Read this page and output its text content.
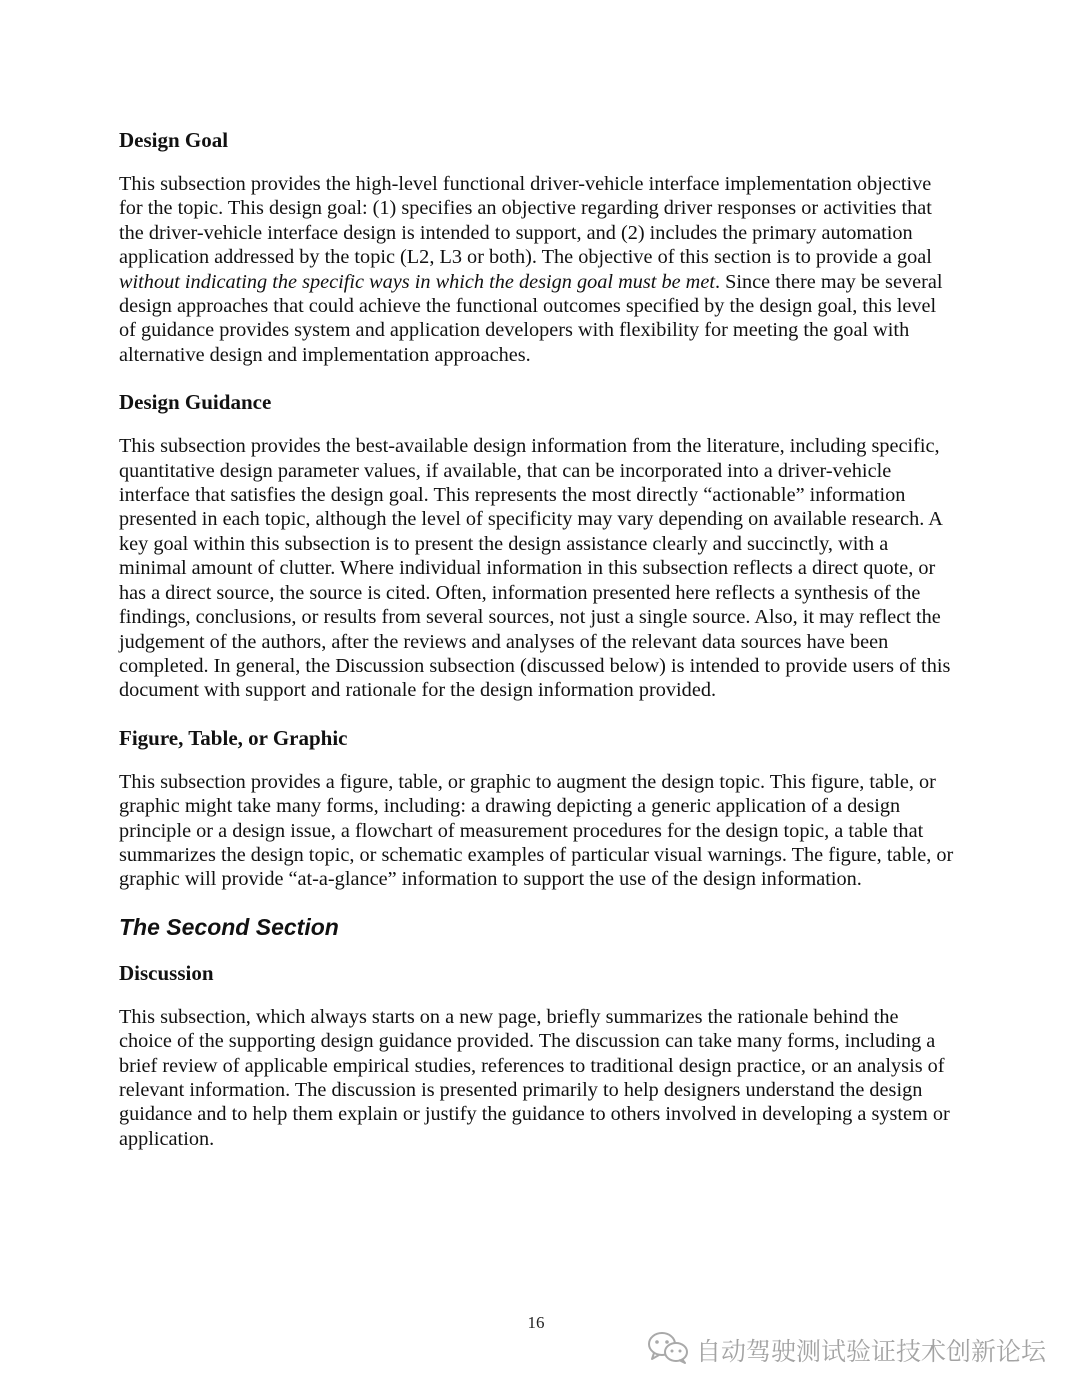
Design Goal

This subsection provides the high-level functional driver-vehicle interface implementation objective for the topic. This design goal: (1) specifies an objective regarding driver responses or activities that the driver-vehicle interface design is intended to support, and (2) includes the primary automation application addressed by the topic (L2, L3 or both). The objective of this section is to provide a goal without indicating the specific ways in which the design goal must be met. Since there may be several design approaches that could achieve the functional outcomes specified by the design goal, this level of guidance provides system and application developers with flexibility for meeting the goal with alternative design and implementation approaches.

Design Guidance

This subsection provides the best-available design information from the literature, including specific, quantitative design parameter values, if available, that can be incorporated into a driver-vehicle interface that satisfies the design goal. This represents the most directly “actionable” information presented in each topic, although the level of specificity may vary depending on available research. A key goal within this subsection is to present the design assistance clearly and succinctly, with a minimal amount of clutter. Where individual information in this subsection reflects a direct quote, or has a direct source, the source is cited. Often, information presented here reflects a synthesis of the findings, conclusions, or results from several sources, not just a single source. Also, it may reflect the judgement of the authors, after the reviews and analyses of the relevant data sources have been completed. In general, the Discussion subsection (discussed below) is intended to provide users of this document with support and rationale for the design information provided.

Figure, Table, or Graphic

This subsection provides a figure, table, or graphic to augment the design topic. This figure, table, or graphic might take many forms, including: a drawing depicting a generic application of a design principle or a design issue, a flowchart of measurement procedures for the design topic, a table that summarizes the design topic, or schematic examples of particular visual warnings. The figure, table, or graphic will provide “at-a-glance” information to support the use of the design information.

The Second Section
Discussion

This subsection, which always starts on a new page, briefly summarizes the rationale behind the choice of the supporting design guidance provided. The discussion can take many forms, including a brief review of applicable empirical studies, references to traditional design practice, or an analysis of relevant information. The discussion is presented primarily to help designers understand the design guidance and to help them explain or justify the guidance to others involved in developing a system or application.

16
自动驾驶测试验证技术创新论坛
